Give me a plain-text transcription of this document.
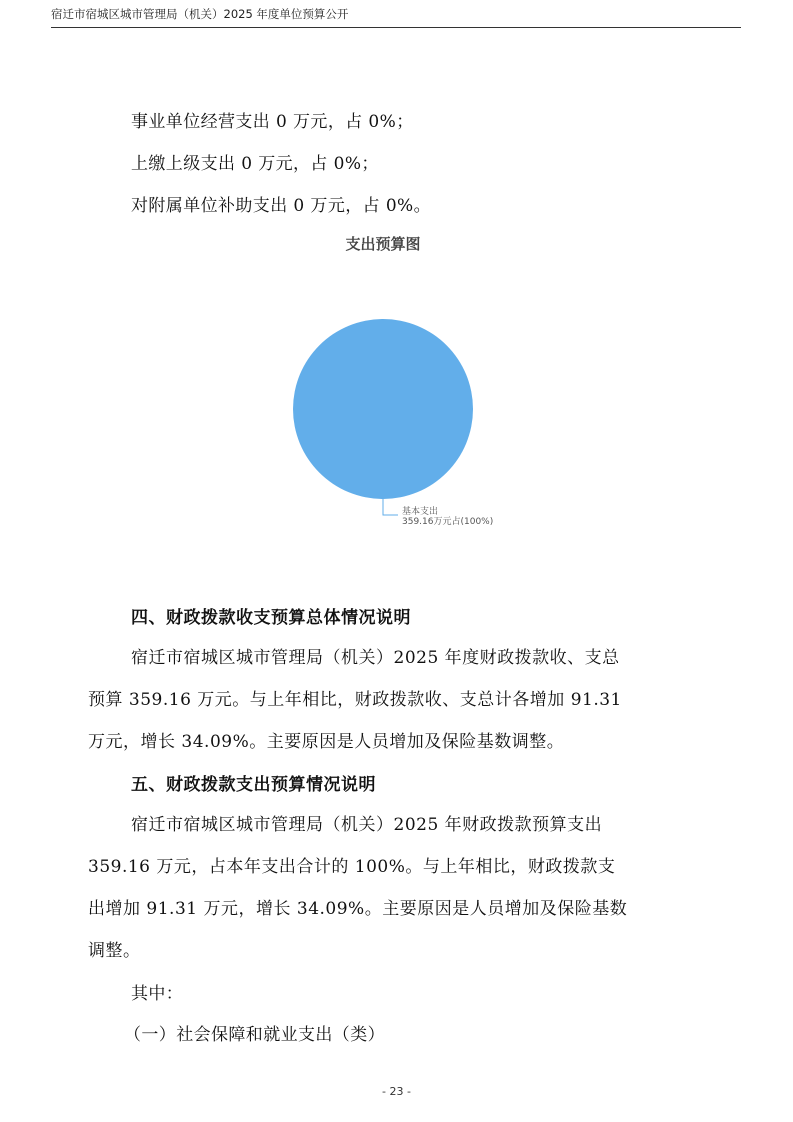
宿迁市宿城区城市管理局（机关）2025 年度单位预算公开
事业单位经营支出 0 万元，占 0%；
上缴上级支出 0 万元，占 0%；
对附属单位补助支出 0 万元，占 0%。
支出预算图
基本支出
359.16万元占(100%)
四、财政拨款收支预算总体情况说明
宿迁市宿城区城市管理局（机关）2025 年度财政拨款收、支总
预算 359.16 万元。与上年相比，财政拨款收、支总计各增加 91.31
万元，增长 34.09%。主要原因是人员增加及保险基数调整。
五、财政拨款支出预算情况说明
宿迁市宿城区城市管理局（机关）2025 年财政拨款预算支出
359.16 万元，占本年支出合计的 100%。与上年相比，财政拨款支
出增加 91.31 万元，增长 34.09%。主要原因是人员增加及保险基数
调整。
其中：
（一）社会保障和就业支出（类）
- 23 -
